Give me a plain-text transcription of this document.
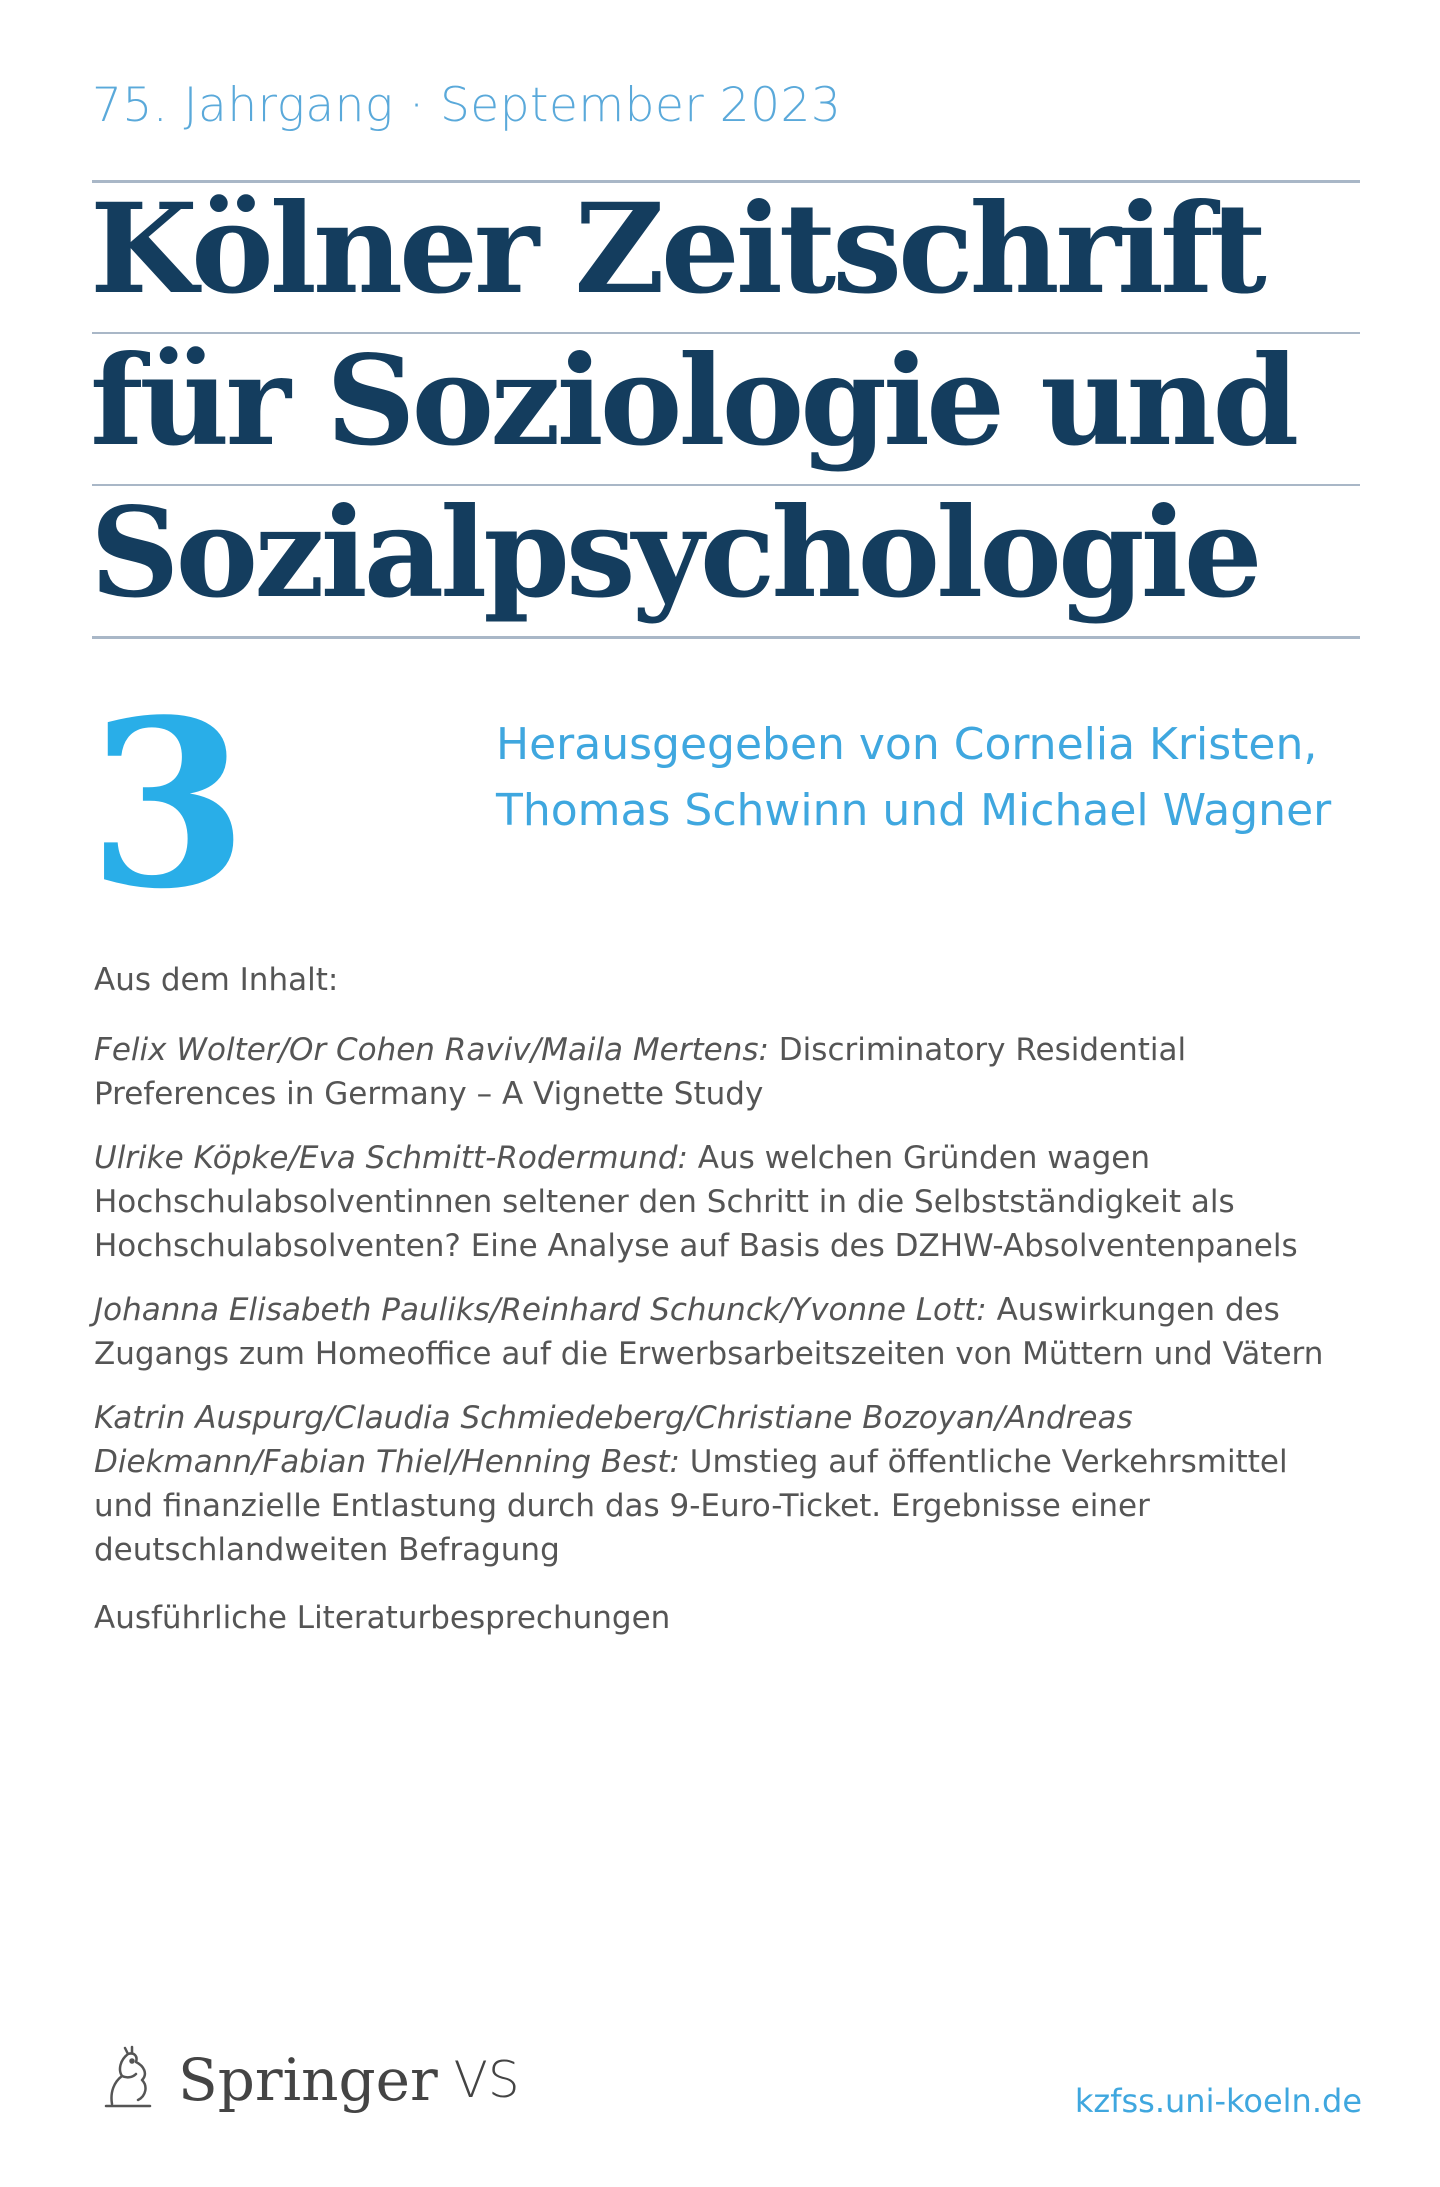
75. Jahrgang · September 2023
Kölner Zeitschrift
für Soziologie und
Sozialpsychologie
3	Herausgegeben von Cornelia Kristen,
Thomas Schwinn und Michael Wagner
Aus dem Inhalt:
Felix Wolter/Or Cohen Raviv/Maila Mertens: Discriminatory Residential Preferences in Germany – A Vignette Study
Ulrike Köpke/Eva Schmitt-Rodermund: Aus welchen Gründen wagen Hochschulabsolventinnen seltener den Schritt in die Selbstständigkeit als Hochschulabsolventen? Eine Analyse auf Basis des DZHW-Absolventenpanels
Johanna Elisabeth Pauliks/Reinhard Schunck/Yvonne Lott: Auswirkungen des Zugangs zum Homeoffice auf die Erwerbsarbeitszeiten von Müttern und Vätern
Katrin Auspurg/Claudia Schmiedeberg/Christiane Bozoyan/Andreas Diekmann/Fabian Thiel/Henning Best: Umstieg auf öffentliche Verkehrsmittel und finanzielle Entlastung durch das 9-Euro-Ticket. Ergebnisse einer deutschlandweiten Befragung
Ausführliche Literaturbesprechungen
Springer VS	kzfss.uni-koeln.de
